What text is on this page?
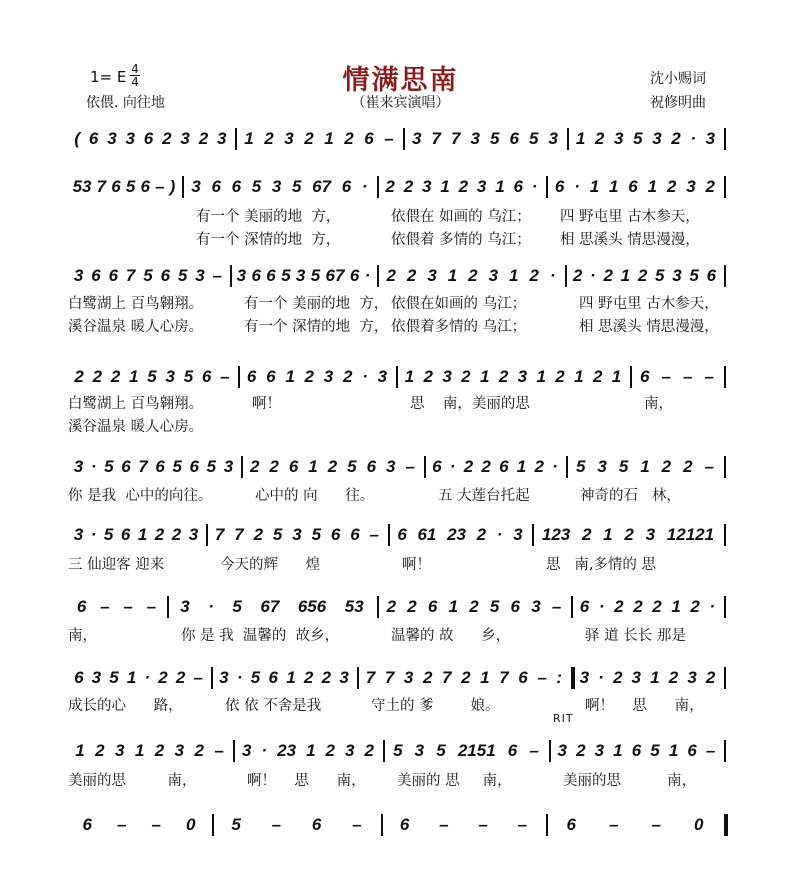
情满思南
（崔来宾演唱）
1= E 4
4
依偎. 向往地
沈小赐词
祝修明曲
RIT
( 6 3 3 6 2 3 2 3 1 2 3 2 1 2 6 – 3 7 7 3 5 6 5 3 1 2 3 5 3 2 · 3
53 7 6 5 6 – ) 3 6 6 5 3 5 67 6 · 2 2 3 1 2 3 1 6 · 6 · 1 1 6 1 2 3 2
有一个 美丽的地  方，	依偎在 如画的 乌江； 四 野屯里 古木参天，
有一个 深情的地  方，	依偎着 多情的 乌江； 相 思溪头 情思漫漫，
3 6 6 7 5 6 5 3 – 3 6 6 5 3 5 67 6 · 2 2 3 1 2 3 1 2 · 2 · 2 1 2 5 3 5 6
白鹭湖上 百鸟翱翔。	有一个 美丽的地  方， 依偎在如画的 乌江；	四 野屯里 古木参天，
溪谷温泉 暖人心房。	有一个 深情的地  方， 依偎着多情的 乌江；	相 思溪头 情思漫漫，
2 2 2 1 5 3 5 6 – 6 6 1 2 3 2 · 3 1 2 3 2 1 2 3 1 2 1 2 1 6 – – –
白鹭湖上 百鸟翱翔。	啊！	思    南，美丽的思	南，
溪谷温泉 暖人心房。
3 · 5 6 7 6 5 6 5 3 2 2 6 1 2 5 6 3 – 6 · 2 2 6 1 2 · 5 3 5 1 2 2 –
你 是我  心中的向往。	心中的 向      往。	五 大莲台托起	神奇的石   林，
3 · 5 6 1 2 2 3 7 7 2 5 3 5 6 6 – 6 61 23 2 · 3 123 2 1 2 3 12121
三 仙迎客 迎来	今天的辉      煌	啊！	思   南,多情的 思
6 – – – 3 · 5 67 656 53 2 2 6 1 2 5 6 3 – 6 · 2 2 2 1 2 ·
南，	你 是 我  温馨的  故乡，	温馨的 故      乡，	驿 道 长长 那是
6 3 5 1 · 2 2 – 3 · 5 6 1 2 2 3 7 7 3 2 7 2 1 7 6 – : 3 · 2 3 1 2 3 2
成长的心      路，	依 依 不舍是我	守土的 爹        娘。	啊！    思      南，
1 2 3 1 2 3 2 – 3 · 23 1 2 3 2 5 3 5 2151 6 – 3 2 3 1 6 5 1 6 –
美丽的思         南，	啊！    思      南， 美丽的 思     南，	美丽的思          南，
6 – – 0 5 – 6 – 6 – – – 6 – – 0
